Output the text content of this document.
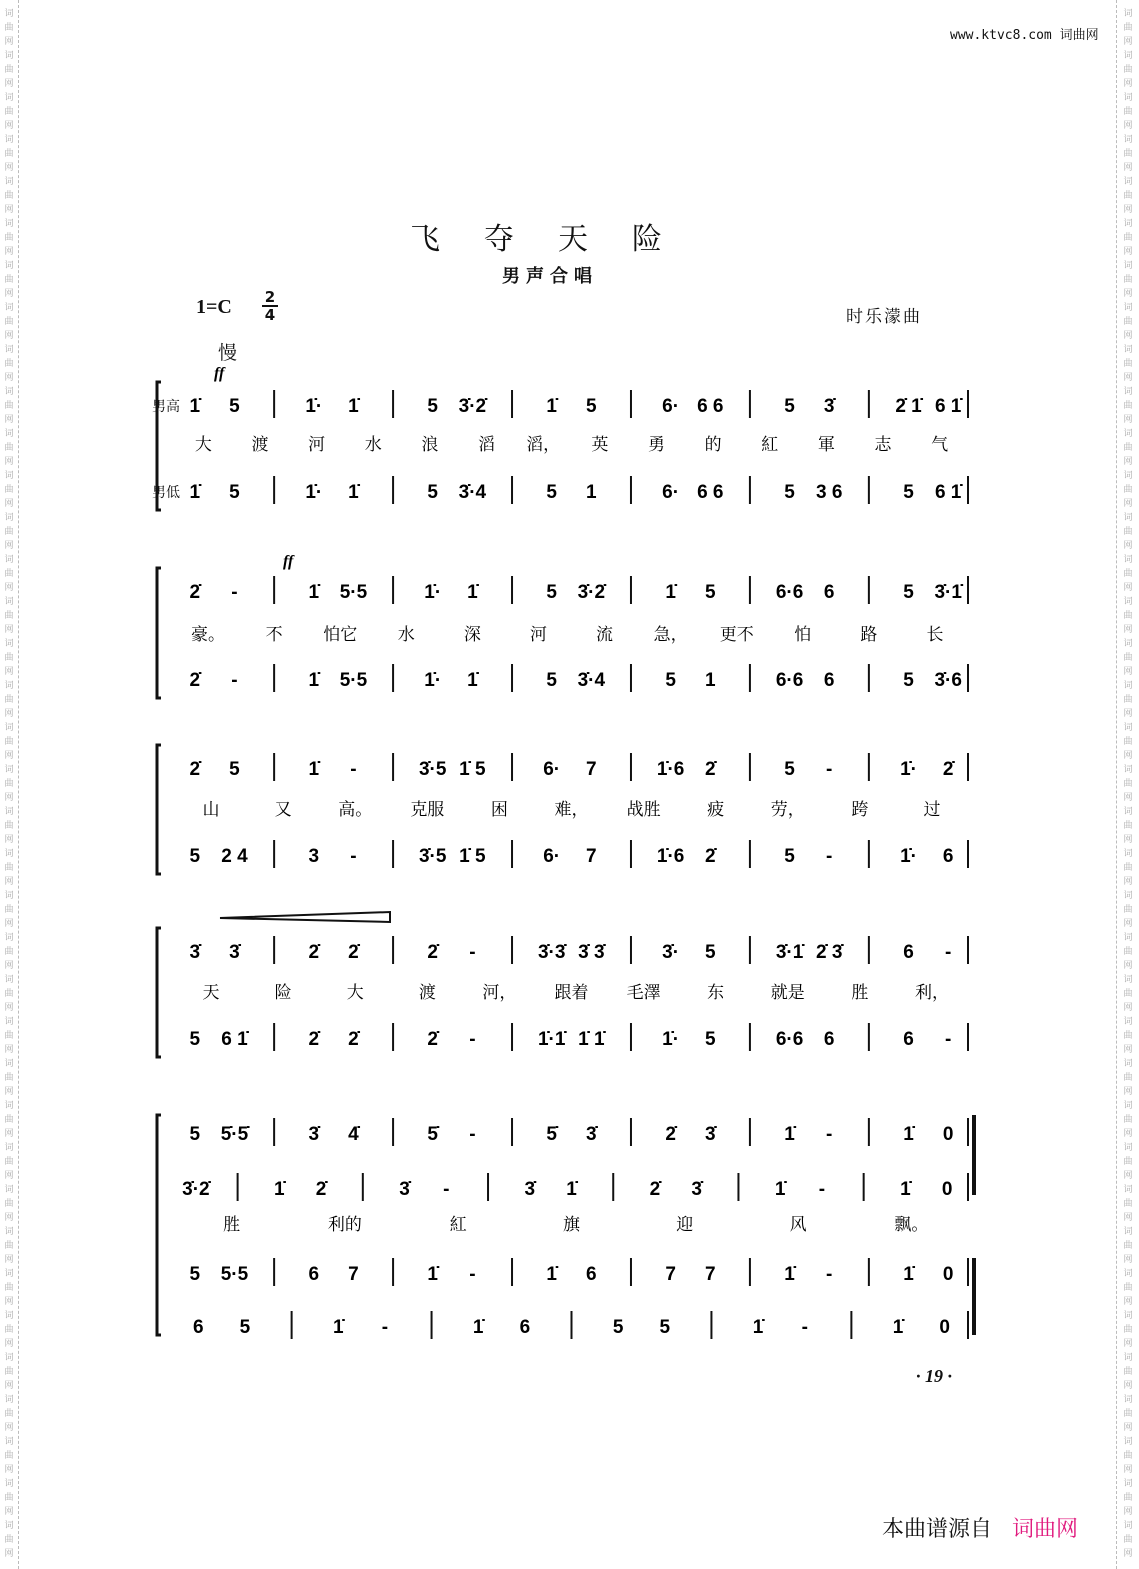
词
曲
网
词
曲
网
词
曲
网
词
曲
网
词
曲
网
词
曲
网
词
曲
网
词
曲
网
词
曲
网
词
曲
网
词
曲
网
词
曲
网
词
曲
网
词
曲
网
词
曲
网
词
曲
网
词
曲
网
词
曲
网
词
曲
网
词
曲
网
词
曲
网
词
曲
网
词
曲
网
词
曲
网
词
曲
网
词
曲
网
词
曲
网
词
曲
网
词
曲
网
词
曲
网
词
曲
网
词
曲
网
词
曲
网
词
曲
网
词
曲
网
词
曲
网
词
曲
网
词
曲
网
词
曲
网
词
曲
网
词
曲
网
词
曲
网
词
曲
网
词
曲
网
词
曲
网
词
曲
网
词
曲
网
词
曲
网
词
曲
网
词
曲
网
词
曲
网
词
曲
网
词
曲
网
词
曲
网
词
曲
网
词
曲
网
词
曲
网
词
曲
网
词
曲
网
词
曲
网
词
曲
网
词
曲
网
词
曲
网
词
曲
网
词
曲
网
词
曲
网
词
曲
网
词
曲
网
词
曲
网
词
曲
网
词
曲
网
词
曲
网
词
曲
网
词
曲
网
www.ktvc8.com 词曲网
飞夺天险
男声合唱
1=C 2
4	时乐濛曲
慢
男高
男低
1̇ 5	1̇· 1̇	5 3̇·2̇	1̇ 5	6· 6 6	5 3̇	2̇ 1̇ 6 1̇
大 渡 河 水 浪 滔 滔， 英 勇 的 紅 軍 志 气
1̇ 5	1̇· 1̇	5 3̇·4	5 1	6· 6 6	5 3 6	5 6 1̇
2̇ -	1̇ 5·5	1̇· 1̇	5 3̇·2̇	1̇ 5	6·6 6	5 3̇·1̇
豪。 不 怕它 水	深	河	流 急， 更不 怕	路	长
2̇ -	1̇ 5·5	1̇· 1̇	5 3̇·4	5 1	6·6 6	5 3̇·6
2̇ 5	1̇ -	3̇·5 1̇ 5	6· 7	1̇·6 2̇	5 -	1̇· 2̇
山	又	高。 克服	困	难， 战胜	疲	劳，	跨	过
5 2 4	3 -	3̇·5 1̇ 5	6· 7	1̇·6 2̇	5 -	1̇· 6
3̇ 3̇	2̇ 2̇	2̇ -	3̇·3̇ 3̇ 3̇	3̇· 5	3̇·1̇ 2̇ 3̇	6 -
天	险	大	渡	河， 跟着 毛澤	东	就是	胜	利，
5 6 1̇	2̇ 2̇	2̇ -	1̇·1̇ 1̇ 1̇	1̇· 5	6·6 6	6 -
5 5̇·5̇	3̇ 4̇	5̇ -	5̇ 3̇	2̇ 3̇	1̇ -	1̇ 0
3̇·2̇	1̇ 2̇	3̇ -	3̇ 1̇	2̇ 3̇	1̇ -	1̇ 0
胜	利的	紅	旗	迎	风	飘。
5 5·5	6 7	1̇ -	1̇ 6	7 7	1̇ -	1̇ 0
6 5	1̇ -	1̇ 6	5 5	1̇ -	1̇ 0
ff
ff
· 19 ·
本曲谱源自 词曲网
